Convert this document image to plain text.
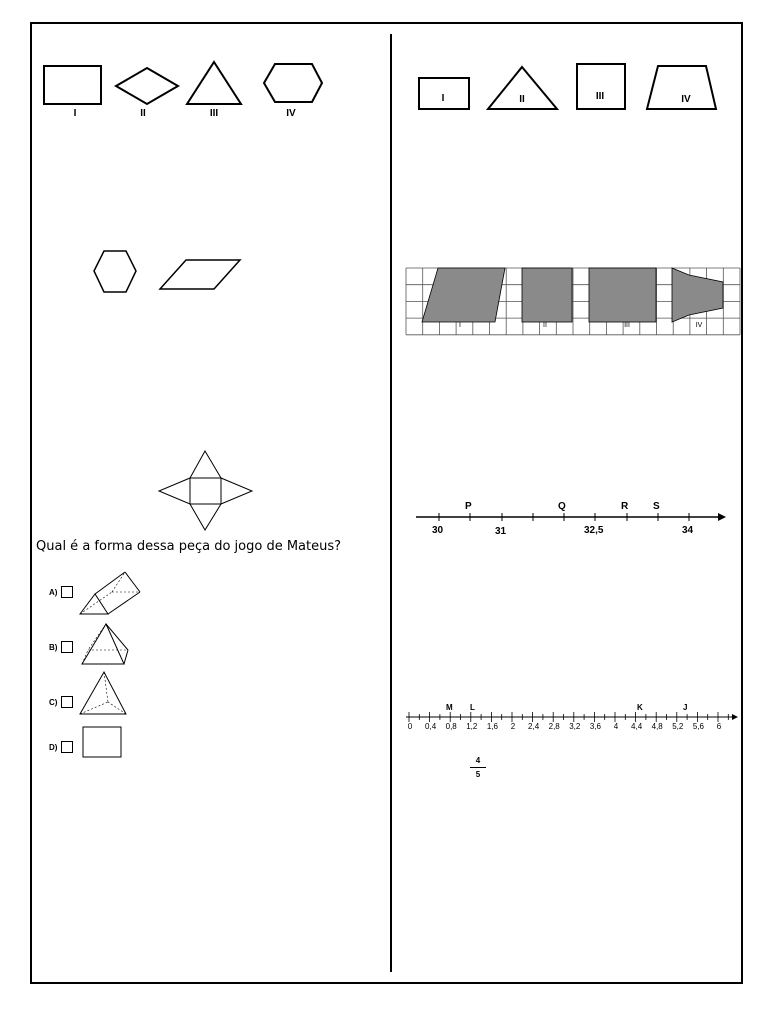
I	II	III	IV
Qual é a forma dessa peça do jogo de Mateus?
A)
B)
C)
D)
I	II	III	IV
I	II	III	IV
P	Q	R S
30	31	32,5	34
M L	K	J
0	0,4 0,8 1,2 1,6	2	2,4 2,8 3,2 3,6	4	4,4 4,8 5,2 5,6	6
4
5
